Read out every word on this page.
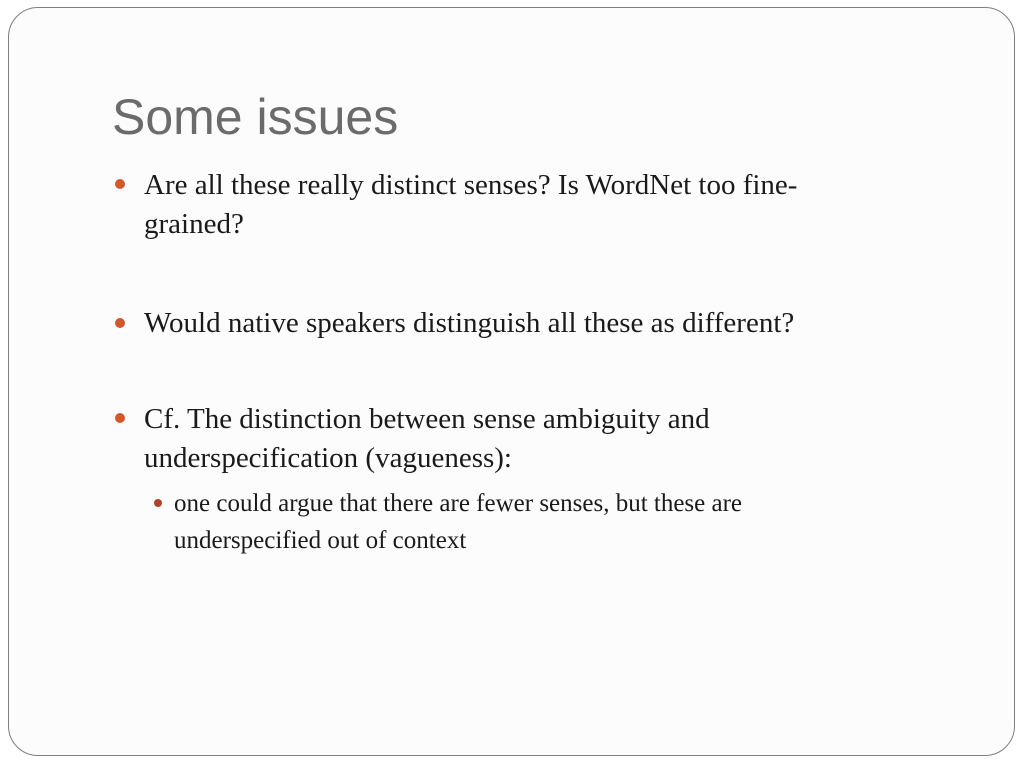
Some issues
Are all these really distinct senses? Is WordNet too fine-
grained?
Would native speakers distinguish all these as different?
Cf. The distinction between sense ambiguity and
underspecification (vagueness):
one could argue that there are fewer senses, but these are
underspecified out of context
